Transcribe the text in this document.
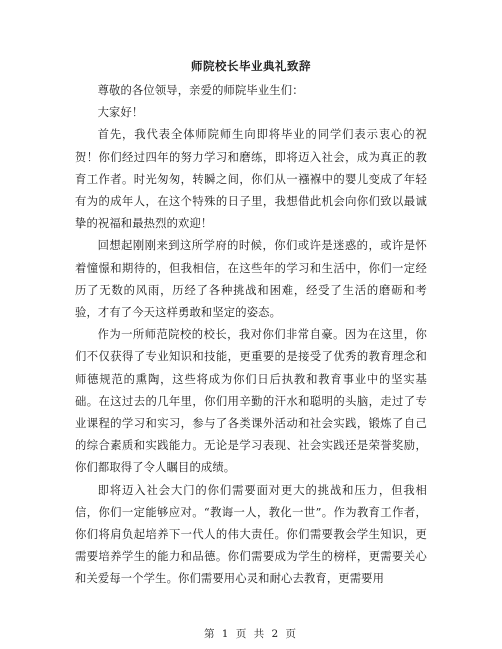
师院校长毕业典礼致辞

尊敬的各位领导，亲爱的师院毕业生们：

大家好！

首先，我代表全体师院师生向即将毕业的同学们表示衷心的祝贺！你们经过四年的努力学习和磨练，即将迈入社会，成为真正的教育工作者。时光匆匆，转瞬之间，你们从一襁褓中的婴儿变成了年轻有为的成年人，在这个特殊的日子里，我想借此机会向你们致以最诚挚的祝福和最热烈的欢迎！

回想起刚刚来到这所学府的时候，你们或许是迷惑的，或许是怀着憧憬和期待的，但我相信，在这些年的学习和生活中，你们一定经历了无数的风雨，历经了各种挑战和困难，经受了生活的磨砺和考验，才有了今天这样勇敢和坚定的姿态。

作为一所师范院校的校长，我对你们非常自豪。因为在这里，你们不仅获得了专业知识和技能，更重要的是接受了优秀的教育理念和师德规范的熏陶，这些将成为你们日后执教和教育事业中的坚实基础。在这过去的几年里，你们用辛勤的汗水和聪明的头脑，走过了专业课程的学习和实习，参与了各类课外活动和社会实践，锻炼了自己的综合素质和实践能力。无论是学习表现、社会实践还是荣誉奖励，你们都取得了令人瞩目的成绩。

即将迈入社会大门的你们需要面对更大的挑战和压力，但我相信，你们一定能够应对。“教诲一人，教化一世”。作为教育工作者，你们将肩负起培养下一代人的伟大责任。你们需要教会学生知识，更需要培养学生的能力和品德。你们需要成为学生的榜样，更需要关心和关爱每一个学生。你们需要用心灵和耐心去教育，更需要用

第 1 页 共 2 页
